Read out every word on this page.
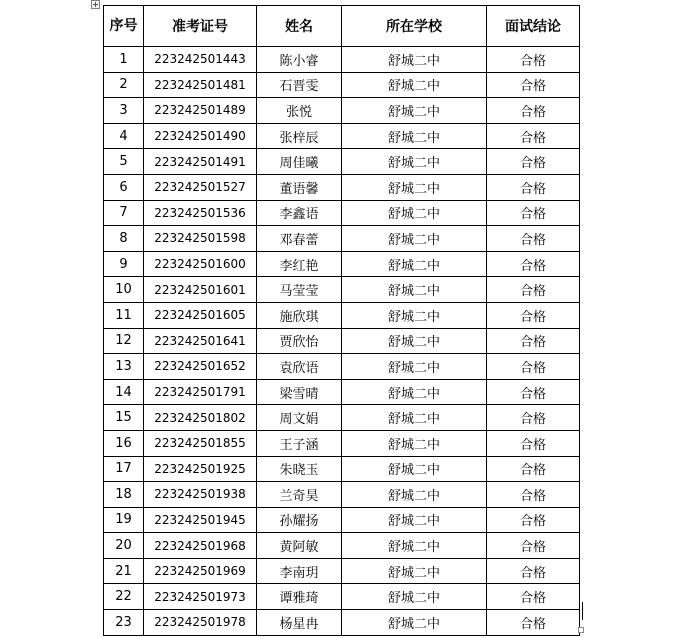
序号	准考证号	姓名	所在学校	面试结论
1	223242501443	陈小睿	舒城二中	合格
2	223242501481	石晋雯	舒城二中	合格
3	223242501489	张悦	舒城二中	合格
4	223242501490	张梓辰	舒城二中	合格
5	223242501491	周佳曦	舒城二中	合格
6	223242501527	董语馨	舒城二中	合格
7	223242501536	李鑫语	舒城二中	合格
8	223242501598	邓春蕾	舒城二中	合格
9	223242501600	李红艳	舒城二中	合格
10	223242501601	马莹莹	舒城二中	合格
11	223242501605	施欣琪	舒城二中	合格
12	223242501641	贾欣怡	舒城二中	合格
13	223242501652	袁欣语	舒城二中	合格
14	223242501791	梁雪晴	舒城二中	合格
15	223242501802	周文娟	舒城二中	合格
16	223242501855	王子涵	舒城二中	合格
17	223242501925	朱晓玉	舒城二中	合格
18	223242501938	兰奇昊	舒城二中	合格
19	223242501945	孙耀扬	舒城二中	合格
20	223242501968	黄阿敏	舒城二中	合格
21	223242501969	李南玥	舒城二中	合格
22	223242501973	谭雅琦	舒城二中	合格
23	223242501978	杨星冉	舒城二中	合格
